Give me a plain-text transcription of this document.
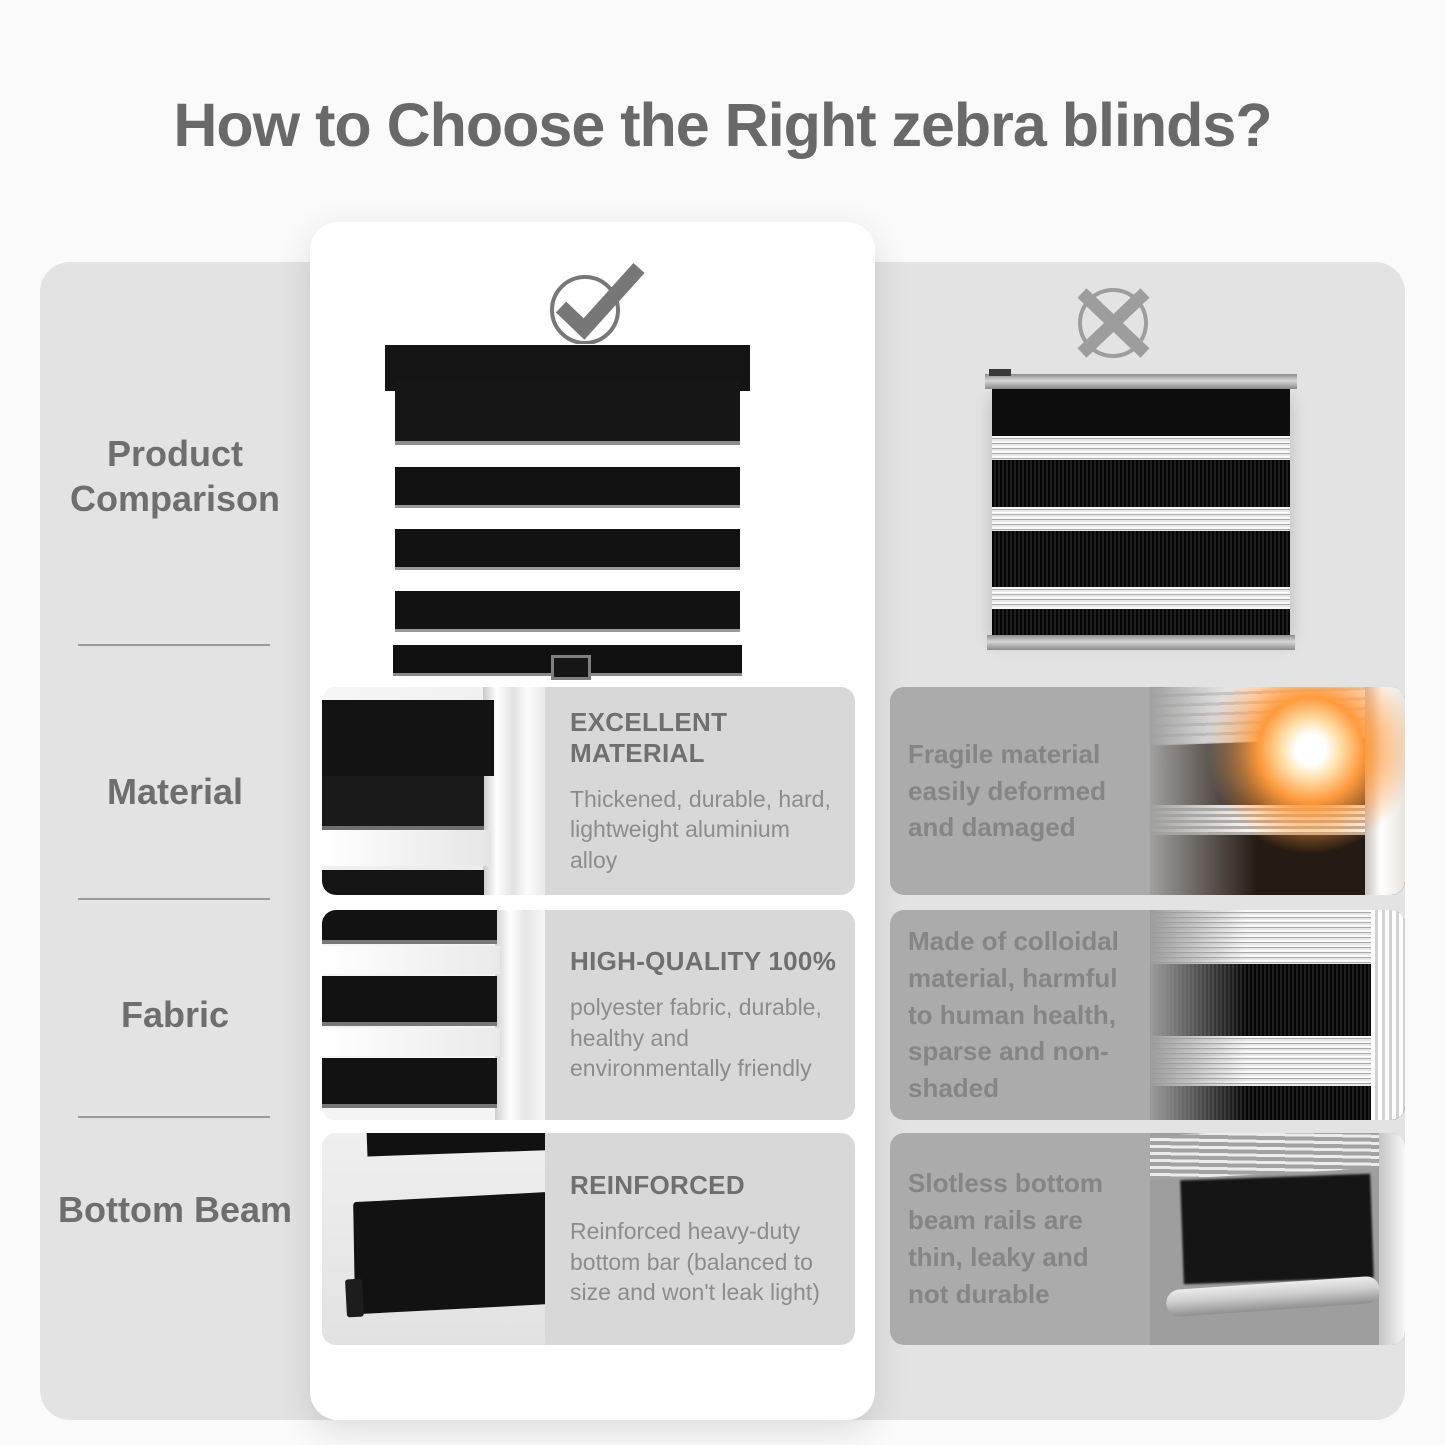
How to Choose the Right zebra blinds?
Product Comparison
Material
Fabric
Bottom Beam
EXCELLENT MATERIAL
Thickened, durable, hard, lightweight aluminium alloy
Fragile material easily deformed and damaged
HIGH-QUALITY 100%
polyester fabric, durable, healthy and environmentally friendly
Made of colloidal material, harmful to human health, sparse and non-shaded
REINFORCED
Reinforced heavy-duty bottom bar (balanced to size and won't leak light)
Slotless bottom beam rails are thin, leaky and not durable
